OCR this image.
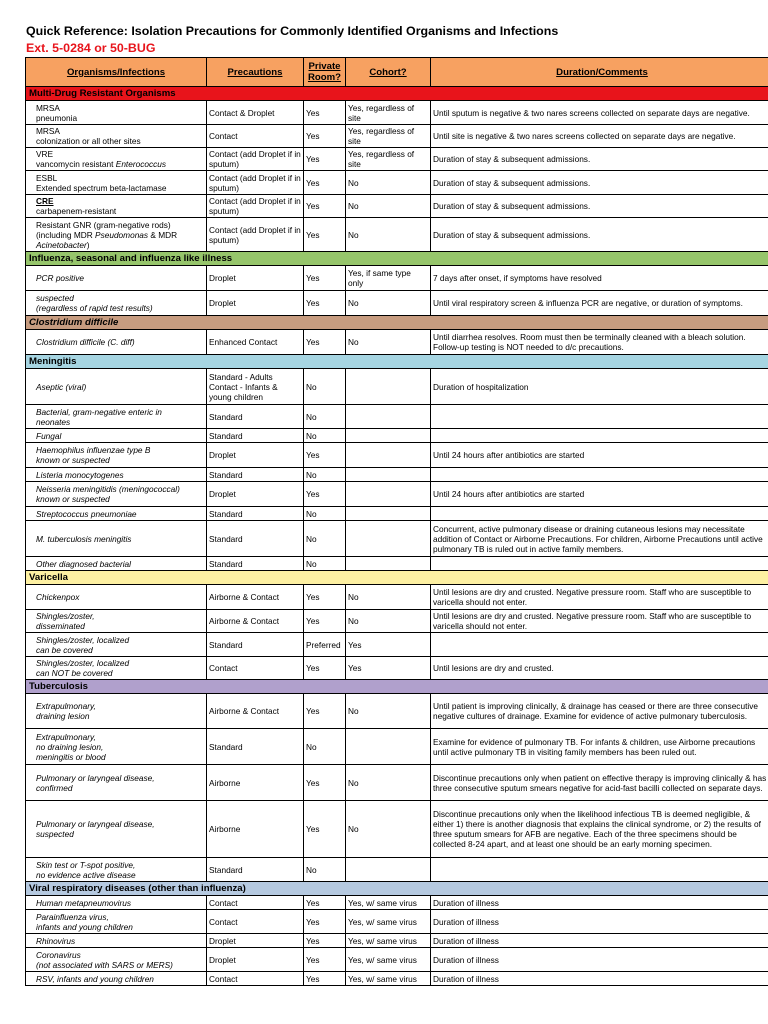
Quick Reference: Isolation Precautions for Commonly Identified Organisms and Infections
Ext. 5-0284 or 50-BUG
Organisms/Infections	Precautions	Private Room?	Cohort?	Duration/Comments
Multi-Drug Resistant Organisms				

MRSA
pneumonia	Contact & Droplet	Yes	Yes, regardless of site	Until sputum is negative & two nares screens collected on separate days are negative.

MRSA
colonization or all other sites	Contact	Yes	Yes, regardless of site	Until site is negative & two nares screens collected on separate days are negative.

VRE
vancomycin resistant Enterococcus	Contact (add Droplet if in sputum)	Yes	Yes, regardless of site	Duration of stay & subsequent admissions.

ESBL
Extended spectrum beta-lactamase	Contact (add Droplet if in sputum)	Yes	No	Duration of stay & subsequent admissions.

CRE
carbapenem-resistant	Contact (add Droplet if in sputum)	Yes	No	Duration of stay & subsequent admissions.

Resistant GNR (gram-negative rods)
(including MDR Pseudomonas & MDR
Acinetobacter)	Contact (add Droplet if in sputum)	Yes	No	Duration of stay & subsequent admissions.
Influenza, seasonal and influenza like illness				

PCR positive	Droplet	Yes	Yes, if same type only	7 days after onset, if symptoms have resolved

suspected
(regardless of rapid test results)	Droplet	Yes	No	Until viral respiratory screen & influenza PCR are negative, or duration of symptoms.
Clostridium difficile				

Clostridium difficile (C. diff)	Enhanced Contact	Yes	No	Until diarrhea resolves. Room must then be terminally cleaned with a bleach solution. Follow-up testing is NOT needed to d/c precautions.
Meningitis				

Aseptic (viral)	Standard - Adults Contact - Infants & young children	No		Duration of hospitalization

Bacterial, gram-negative enteric in
neonates	Standard	No		

Fungal	Standard	No		

Haemophilus influenzae type B
known or suspected	Droplet	Yes		Until 24 hours after antibiotics are started

Listeria monocytogenes	Standard	No		

Neisseria meningitidis (meningococcal)
known or suspected	Droplet	Yes		Until 24 hours after antibiotics are started

Streptococcus pneumoniae	Standard	No		

M. tuberculosis meningitis	Standard	No		Concurrent, active pulmonary disease or draining cutaneous lesions may necessitate addition of Contact or Airborne Precautions. For children, Airborne Precautions until active pulmonary TB is ruled out in active family members.

Other diagnosed bacterial	Standard	No		
Varicella				

Chickenpox	Airborne & Contact	Yes	No	Until lesions are dry and crusted. Negative pressure room. Staff who are susceptible to varicella should not enter.

Shingles/zoster,
disseminated	Airborne & Contact	Yes	No	Until lesions are dry and crusted. Negative pressure room. Staff who are susceptible to varicella should not enter.

Shingles/zoster, localized
can be covered	Standard	Preferred	Yes	

Shingles/zoster, localized
can NOT be covered	Contact	Yes	Yes	Until lesions are dry and crusted.
Tuberculosis				

Extrapulmonary,
draining lesion	Airborne & Contact	Yes	No	Until patient is improving clinically, & drainage has ceased or there are three consecutive negative cultures of drainage. Examine for evidence of active pulmonary tuberculosis.

Extrapulmonary,
no draining lesion,
meningitis or blood	Standard	No		Examine for evidence of pulmonary TB. For infants & children, use Airborne precautions until active pulmonary TB in visiting family members has been ruled out.

Pulmonary or laryngeal disease,
confirmed	Airborne	Yes	No	Discontinue precautions only when patient on effective therapy is improving clinically & has three consecutive sputum smears negative for acid-fast bacilli collected on separate days.

Pulmonary or laryngeal disease,
suspected	Airborne	Yes	No	Discontinue precautions only when the likelihood infectious TB is deemed negligible, & either 1) there is another diagnosis that explains the clinical syndrome, or 2) the results of three sputum smears for AFB are negative. Each of the three specimens should be collected 8-24 apart, and at least one should be an early morning specimen.

Skin test or T-spot positive,
no evidence active disease	Standard	No		
Viral respiratory diseases (other than influenza)				

Human metapneumovirus	Contact	Yes	Yes, w/ same virus	Duration of illness

Parainfluenza virus,
infants and young children	Contact	Yes	Yes, w/ same virus	Duration of illness

Rhinovirus	Droplet	Yes	Yes, w/ same virus	Duration of illness

Coronavirus
(not associated with SARS or MERS)	Droplet	Yes	Yes, w/ same virus	Duration of illness

RSV, infants and young children	Contact	Yes	Yes, w/ same virus	Duration of illness
